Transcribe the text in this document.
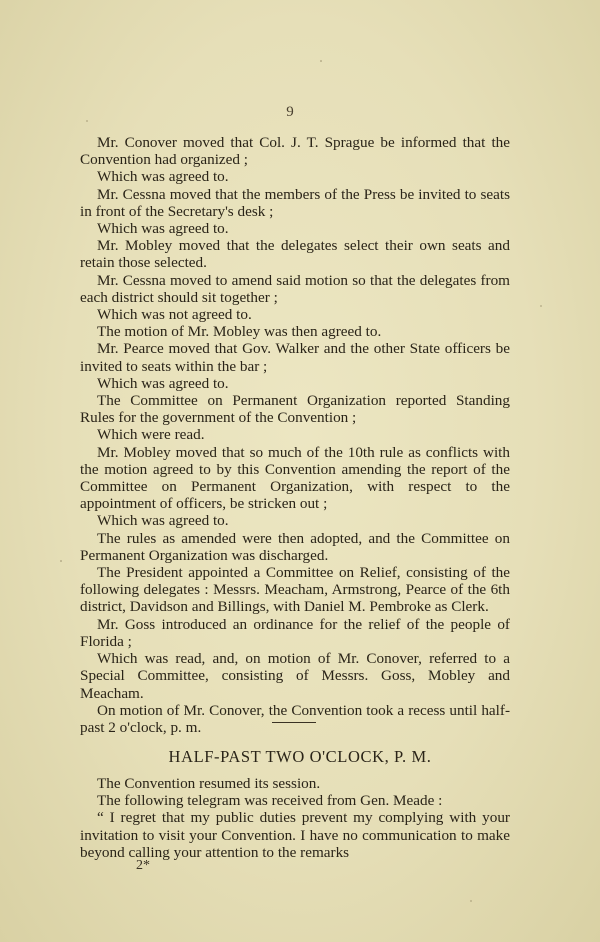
9

Mr. Conover moved that Col. J. T. Sprague be informed that the Convention had organized ;

Which was agreed to.

Mr. Cessna moved that the members of the Press be invited to seats in front of the Secretary's desk ;

Which was agreed to.

Mr. Mobley moved that the delegates select their own seats and retain those selected.

Mr. Cessna moved to amend said motion so that the delegates from each district should sit together ;

Which was not agreed to.

The motion of Mr. Mobley was then agreed to.

Mr. Pearce moved that Gov. Walker and the other State officers be invited to seats within the bar ;

Which was agreed to.

The Committee on Permanent Organization reported Standing Rules for the government of the Convention ;

Which were read.

Mr. Mobley moved that so much of the 10th rule as conflicts with the motion agreed to by this Convention amending the report of the Committee on Permanent Organization, with respect to the appointment of officers, be stricken out ;

Which was agreed to.

The rules as amended were then adopted, and the Committee on Permanent Organization was discharged.

The President appointed a Committee on Relief, consisting of the following delegates : Messrs. Meacham, Armstrong, Pearce of the 6th district, Davidson and Billings, with Daniel M. Pembroke as Clerk.

Mr. Goss introduced an ordinance for the relief of the people of Florida ;

Which was read, and, on motion of Mr. Conover, referred to a Special Committee, consisting of Messrs. Goss, Mobley and Meacham.

On motion of Mr. Conover, the Convention took a recess until half-past 2 o'clock, p. m.

HALF-PAST TWO O'CLOCK, P. M.

The Convention resumed its session.

The following telegram was received from Gen. Meade :

“ I regret that my public duties prevent my complying with your invitation to visit your Convention. I have no communication to make beyond calling your attention to the remarks

2*
